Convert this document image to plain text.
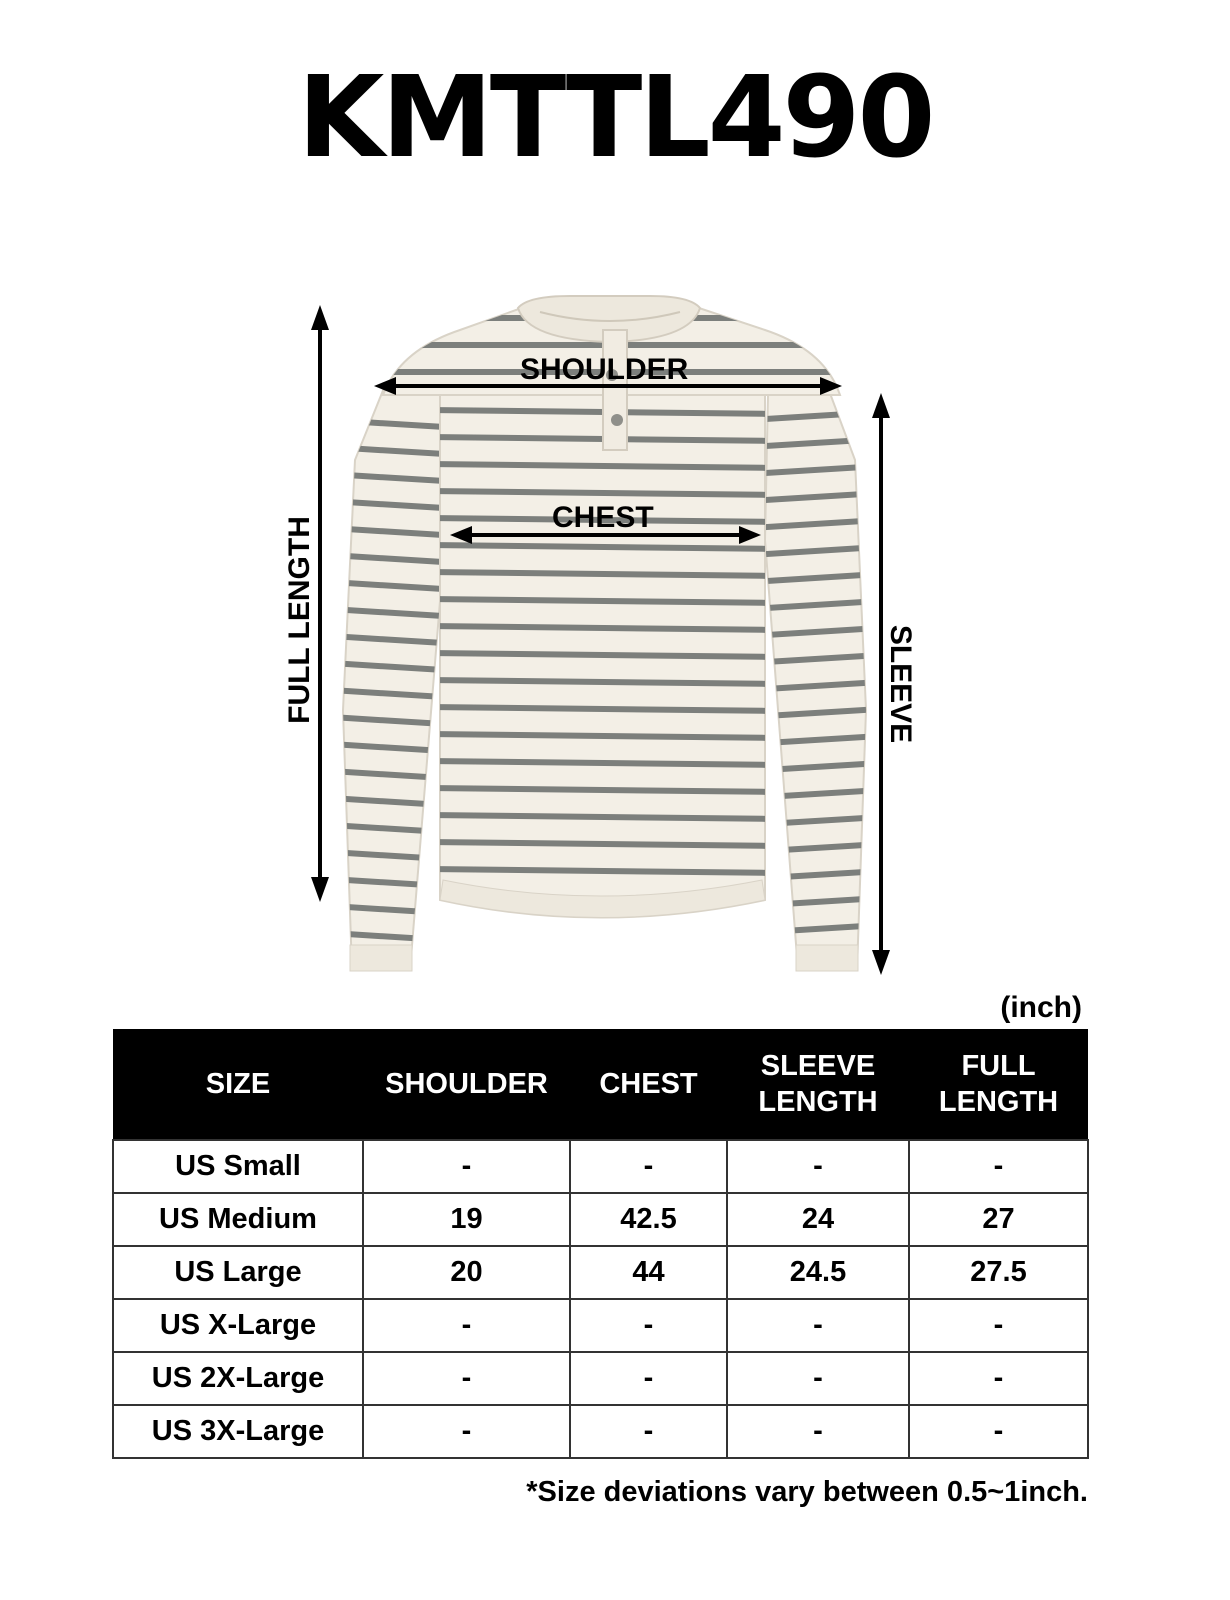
KMTTL490
SHOULDER
CHEST
FULL LENGTH	SLEEVE
(inch)
SIZE	SHOULDER	CHEST	SLEEVE LENGTH	FULL LENGTH
US Small	-	-	-	-
US Medium	19	42.5	24	27
US Large	20	44	24.5	27.5
US X-Large	-	-	-	-
US 2X-Large	-	-	-	-
US 3X-Large	-	-	-	-
*Size deviations vary between 0.5~1inch.
